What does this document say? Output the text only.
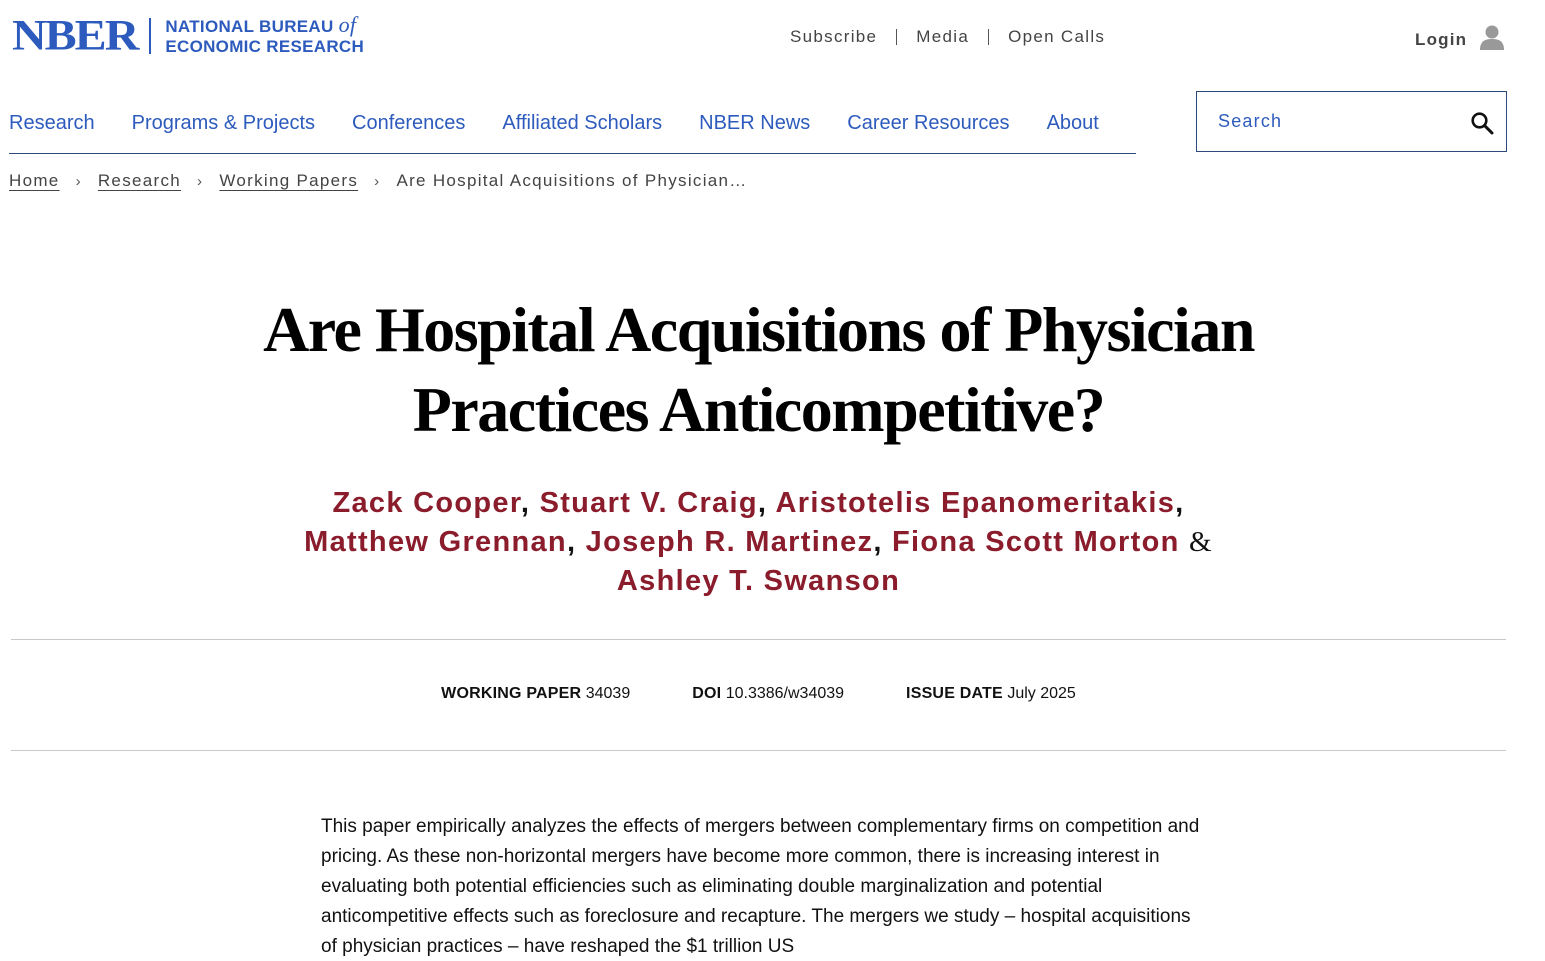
NBER NATIONAL BUREAU of
ECONOMIC RESEARCH
Subscribe Media Open Calls	Login
Research Programs & Projects Conferences Affiliated Scholars NBER News Career Resources About
Search
Home › Research › Working Papers › Are Hospital Acquisitions of Physician…
Are Hospital Acquisitions of Physician
Practices Anticompetitive?
Zack Cooper, Stuart V. Craig, Aristotelis Epanomeritakis, Matthew Grennan, Joseph R. Martinez, Fiona Scott Morton & Ashley T. Swanson
WORKING PAPER 34039	DOI 10.3386/w34039	ISSUE DATE July 2025

This paper empirically analyzes the effects of mergers between complementary firms on competition and pricing. As these non-horizontal mergers have become more common, there is increasing interest in evaluating both potential efficiencies such as eliminating double marginalization and potential anticompetitive effects such as foreclosure and recapture. The mergers we study – hospital acquisitions of physician practices – have reshaped the $1 trillion US
